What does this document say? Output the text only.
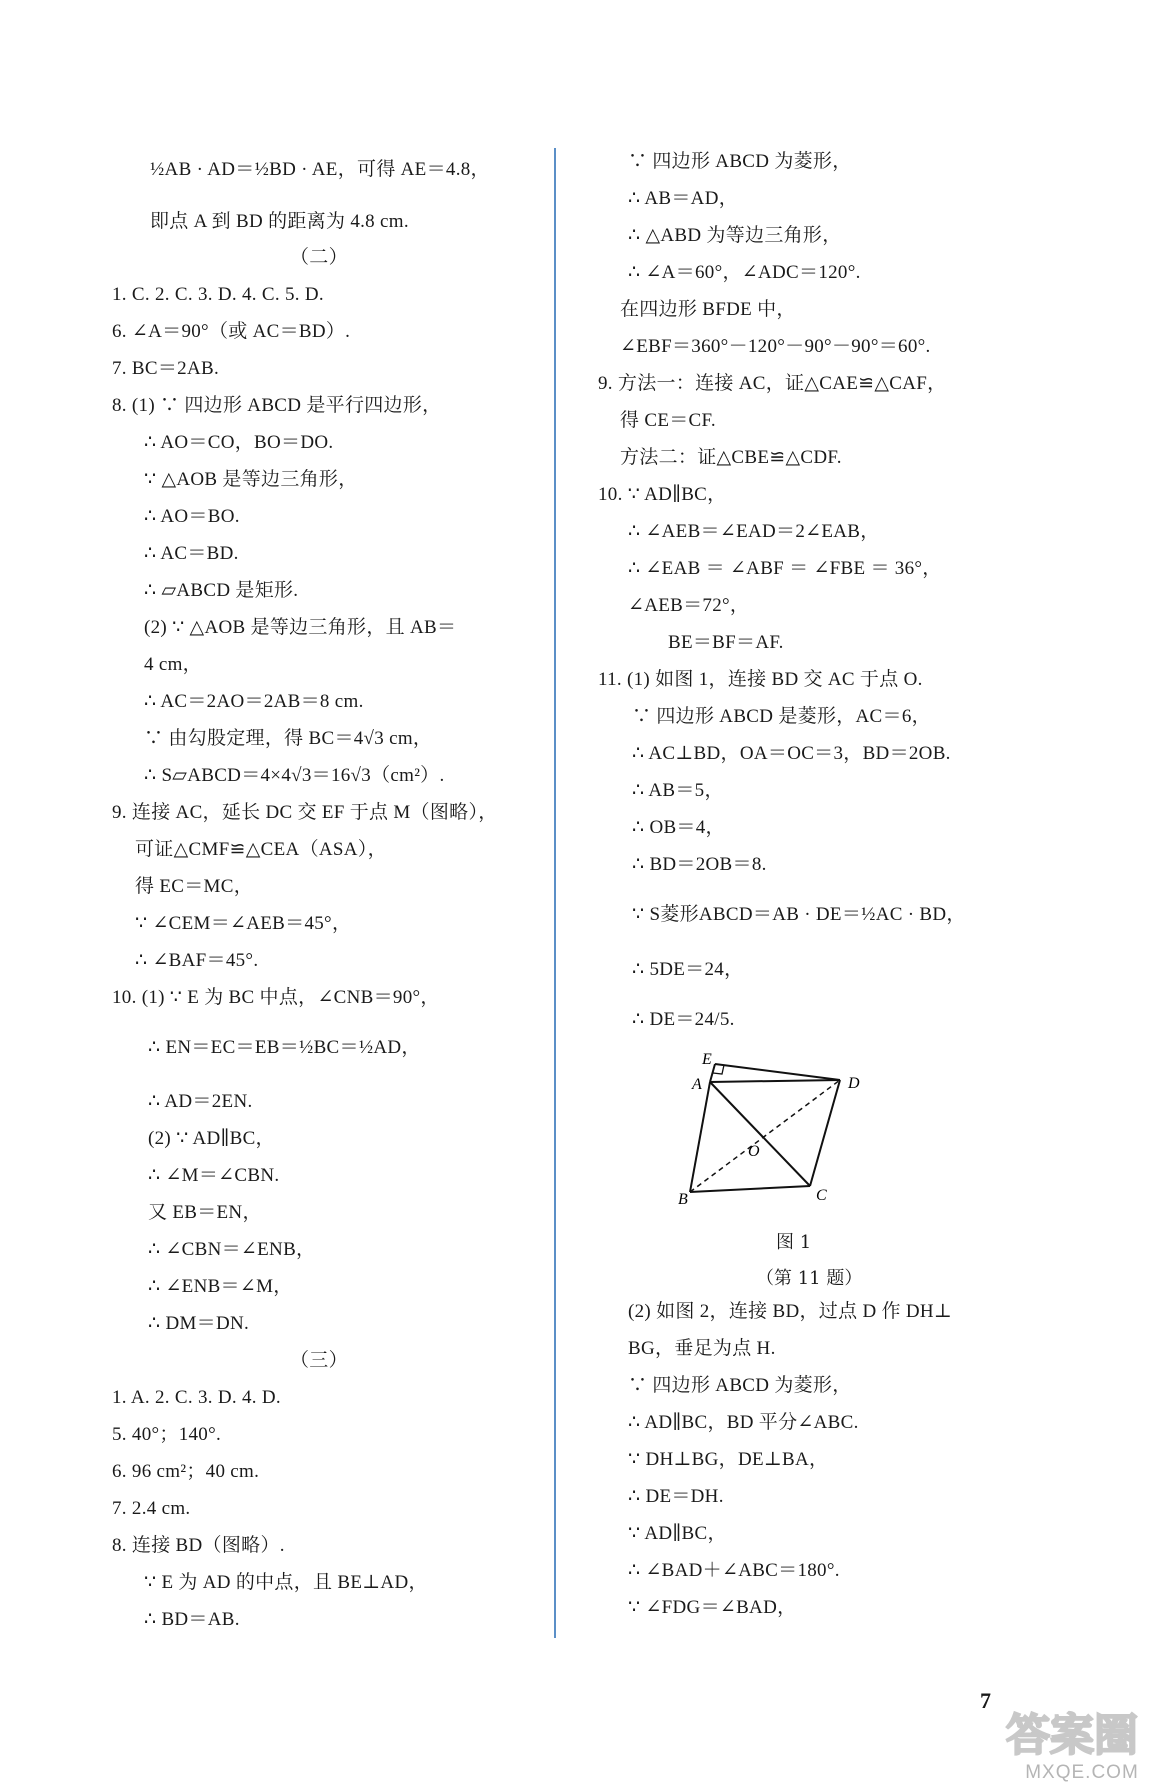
½AB · AD＝½BD · AE，可得 AE＝4.8，
即点 A 到 BD 的距离为 4.8 cm.
（二）
1. C. 2. C. 3. D. 4. C. 5. D.
6. ∠A＝90°（或 AC＝BD）.
7. BC＝2AB.
8. (1) ∵ 四边形 ABCD 是平行四边形，
∴ AO＝CO，BO＝DO.
∵ △AOB 是等边三角形，
∴ AO＝BO.
∴ AC＝BD.
∴ ▱ABCD 是矩形.
(2) ∵ △AOB 是等边三角形，且 AB＝
4 cm，
∴ AC＝2AO＝2AB＝8 cm.
∵ 由勾股定理，得 BC＝4√3 cm，
∴ S▱ABCD＝4×4√3＝16√3（cm²）.
9. 连接 AC，延长 DC 交 EF 于点 M（图略），
可证△CMF≌△CEA（ASA），
得 EC＝MC，
∵ ∠CEM＝∠AEB＝45°，
∴ ∠BAF＝45°.
10. (1) ∵ E 为 BC 中点，∠CNB＝90°，
∴ EN＝EC＝EB＝½BC＝½AD，
∴ AD＝2EN.
(2) ∵ AD∥BC，
∴ ∠M＝∠CBN.
又 EB＝EN，
∴ ∠CBN＝∠ENB，
∴ ∠ENB＝∠M，
∴ DM＝DN.
（三）
1. A. 2. C. 3. D. 4. D.
5. 40°；140°.
6. 96 cm²；40 cm.
7. 2.4 cm.
8. 连接 BD（图略）.
∵ E 为 AD 的中点，且 BE⊥AD，
∴ BD＝AB.
∵ 四边形 ABCD 为菱形，
∴ AB＝AD，
∴ △ABD 为等边三角形，
∴ ∠A＝60°，∠ADC＝120°.
在四边形 BFDE 中，
∠EBF＝360°－120°－90°－90°＝60°.
9. 方法一：连接 AC，证△CAE≌△CAF，
得 CE＝CF.
方法二：证△CBE≌△CDF.
10. ∵ AD∥BC，
∴ ∠AEB＝∠EAD＝2∠EAB，
∴ ∠EAB ＝ ∠ABF ＝ ∠FBE ＝ 36°，
∠AEB＝72°，
BE＝BF＝AF.
11. (1) 如图 1，连接 BD 交 AC 于点 O.
∵ 四边形 ABCD 是菱形，AC＝6，
∴ AC⊥BD，OA＝OC＝3，BD＝2OB.
∴ AB＝5，
∴ OB＝4，
∴ BD＝2OB＝8.
∵ S菱形ABCD＝AB · DE＝½AC · BD，
∴ 5DE＝24，
∴ DE＝24/5.
(2) 如图 2，连接 BD，过点 D 作 DH⊥
BG，垂足为点 H.
∵ 四边形 ABCD 为菱形，
∴ AD∥BC，BD 平分∠ABC.
∵ DH⊥BG，DE⊥BA，
∴ DE＝DH.
∵ AD∥BC，
∴ ∠BAD＋∠ABC＝180°.
∵ ∠FDG＝∠BAD，
E
A	D
O
B	C
图 1
（第 11 题）
7
答案圈
MXQE.COM
